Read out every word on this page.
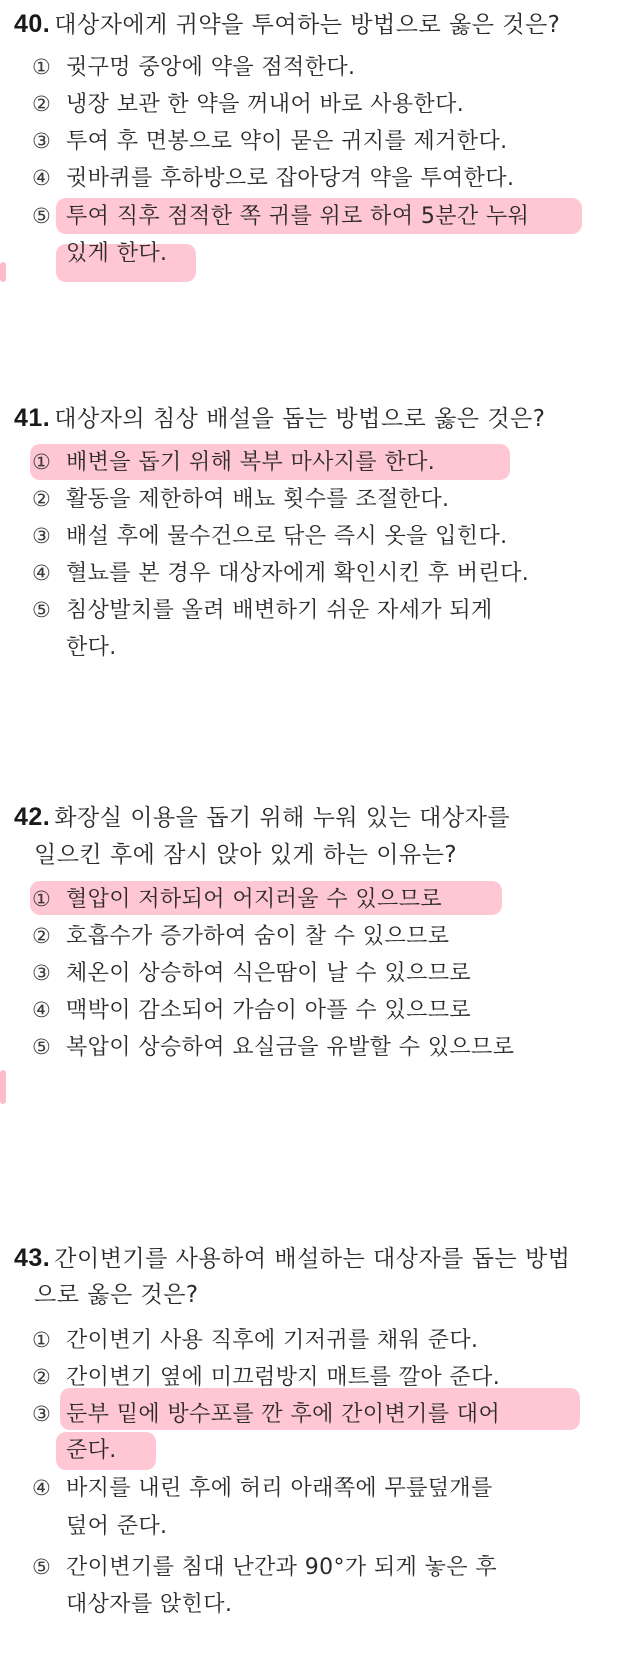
40. 대상자에게 귀약을 투여하는 방법으로 옳은 것은?
① 귓구멍 중앙에 약을 점적한다.
② 냉장 보관 한 약을 꺼내어 바로 사용한다.
③ 투여 후 면봉으로 약이 묻은 귀지를 제거한다.
④ 귓바퀴를 후하방으로 잡아당겨 약을 투여한다.
⑤ 투여 직후 점적한 쪽 귀를 위로 하여 5분간 누워
있게 한다.
41. 대상자의 침상 배설을 돕는 방법으로 옳은 것은?
① 배변을 돕기 위해 복부 마사지를 한다.
② 활동을 제한하여 배뇨 횟수를 조절한다.
③ 배설 후에 물수건으로 닦은 즉시 옷을 입힌다.
④ 혈뇨를 본 경우 대상자에게 확인시킨 후 버린다.
⑤ 침상발치를 올려 배변하기 쉬운 자세가 되게
한다.
42. 화장실 이용을 돕기 위해 누워 있는 대상자를
일으킨 후에 잠시 앉아 있게 하는 이유는?
① 혈압이 저하되어 어지러울 수 있으므로
② 호흡수가 증가하여 숨이 찰 수 있으므로
③ 체온이 상승하여 식은땀이 날 수 있으므로
④ 맥박이 감소되어 가슴이 아플 수 있으므로
⑤ 복압이 상승하여 요실금을 유발할 수 있으므로
43. 간이변기를 사용하여 배설하는 대상자를 돕는 방법
으로 옳은 것은?
① 간이변기 사용 직후에 기저귀를 채워 준다.
② 간이변기 옆에 미끄럼방지 매트를 깔아 준다.
③ 둔부 밑에 방수포를 깐 후에 간이변기를 대어
준다.
④ 바지를 내린 후에 허리 아래쪽에 무릎덮개를
덮어 준다.
⑤ 간이변기를 침대 난간과 90°가 되게 놓은 후
대상자를 앉힌다.
